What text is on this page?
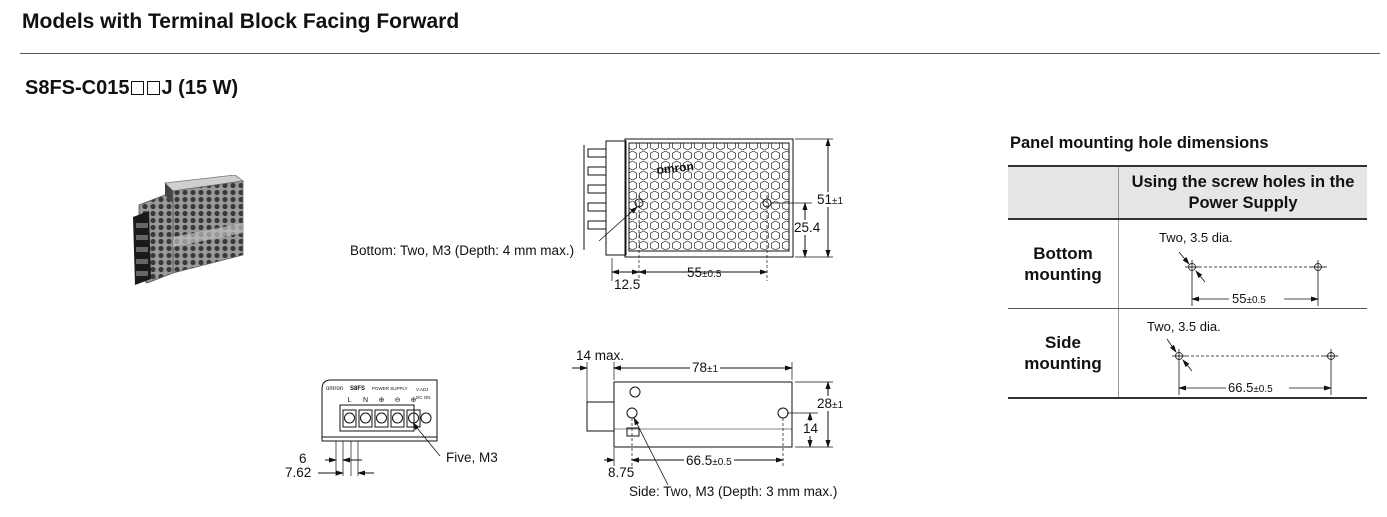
Models with Terminal Block Facing Forward
S8FS-C015 J (15 W)
omron
omron S8FS POWER SUPPLY V.ADJ
DC ON
L N ⊕ ⊖ ⊕
Bottom: Two, M3 (Depth: 4 mm max.)
12.5
55±0.5
51±1
25.4
6
7.62
Five, M3
14 max.
78±1
28±1
14
8.75
66.5±0.5
Side: Two, M3 (Depth: 3 mm max.)
Panel mounting hole dimensions
	Using the screw holes in the Power Supply

Bottom mounting	Two, 3.5 dia.
55±0.5

Side mounting	Two, 3.5 dia.
66.5±0.5
